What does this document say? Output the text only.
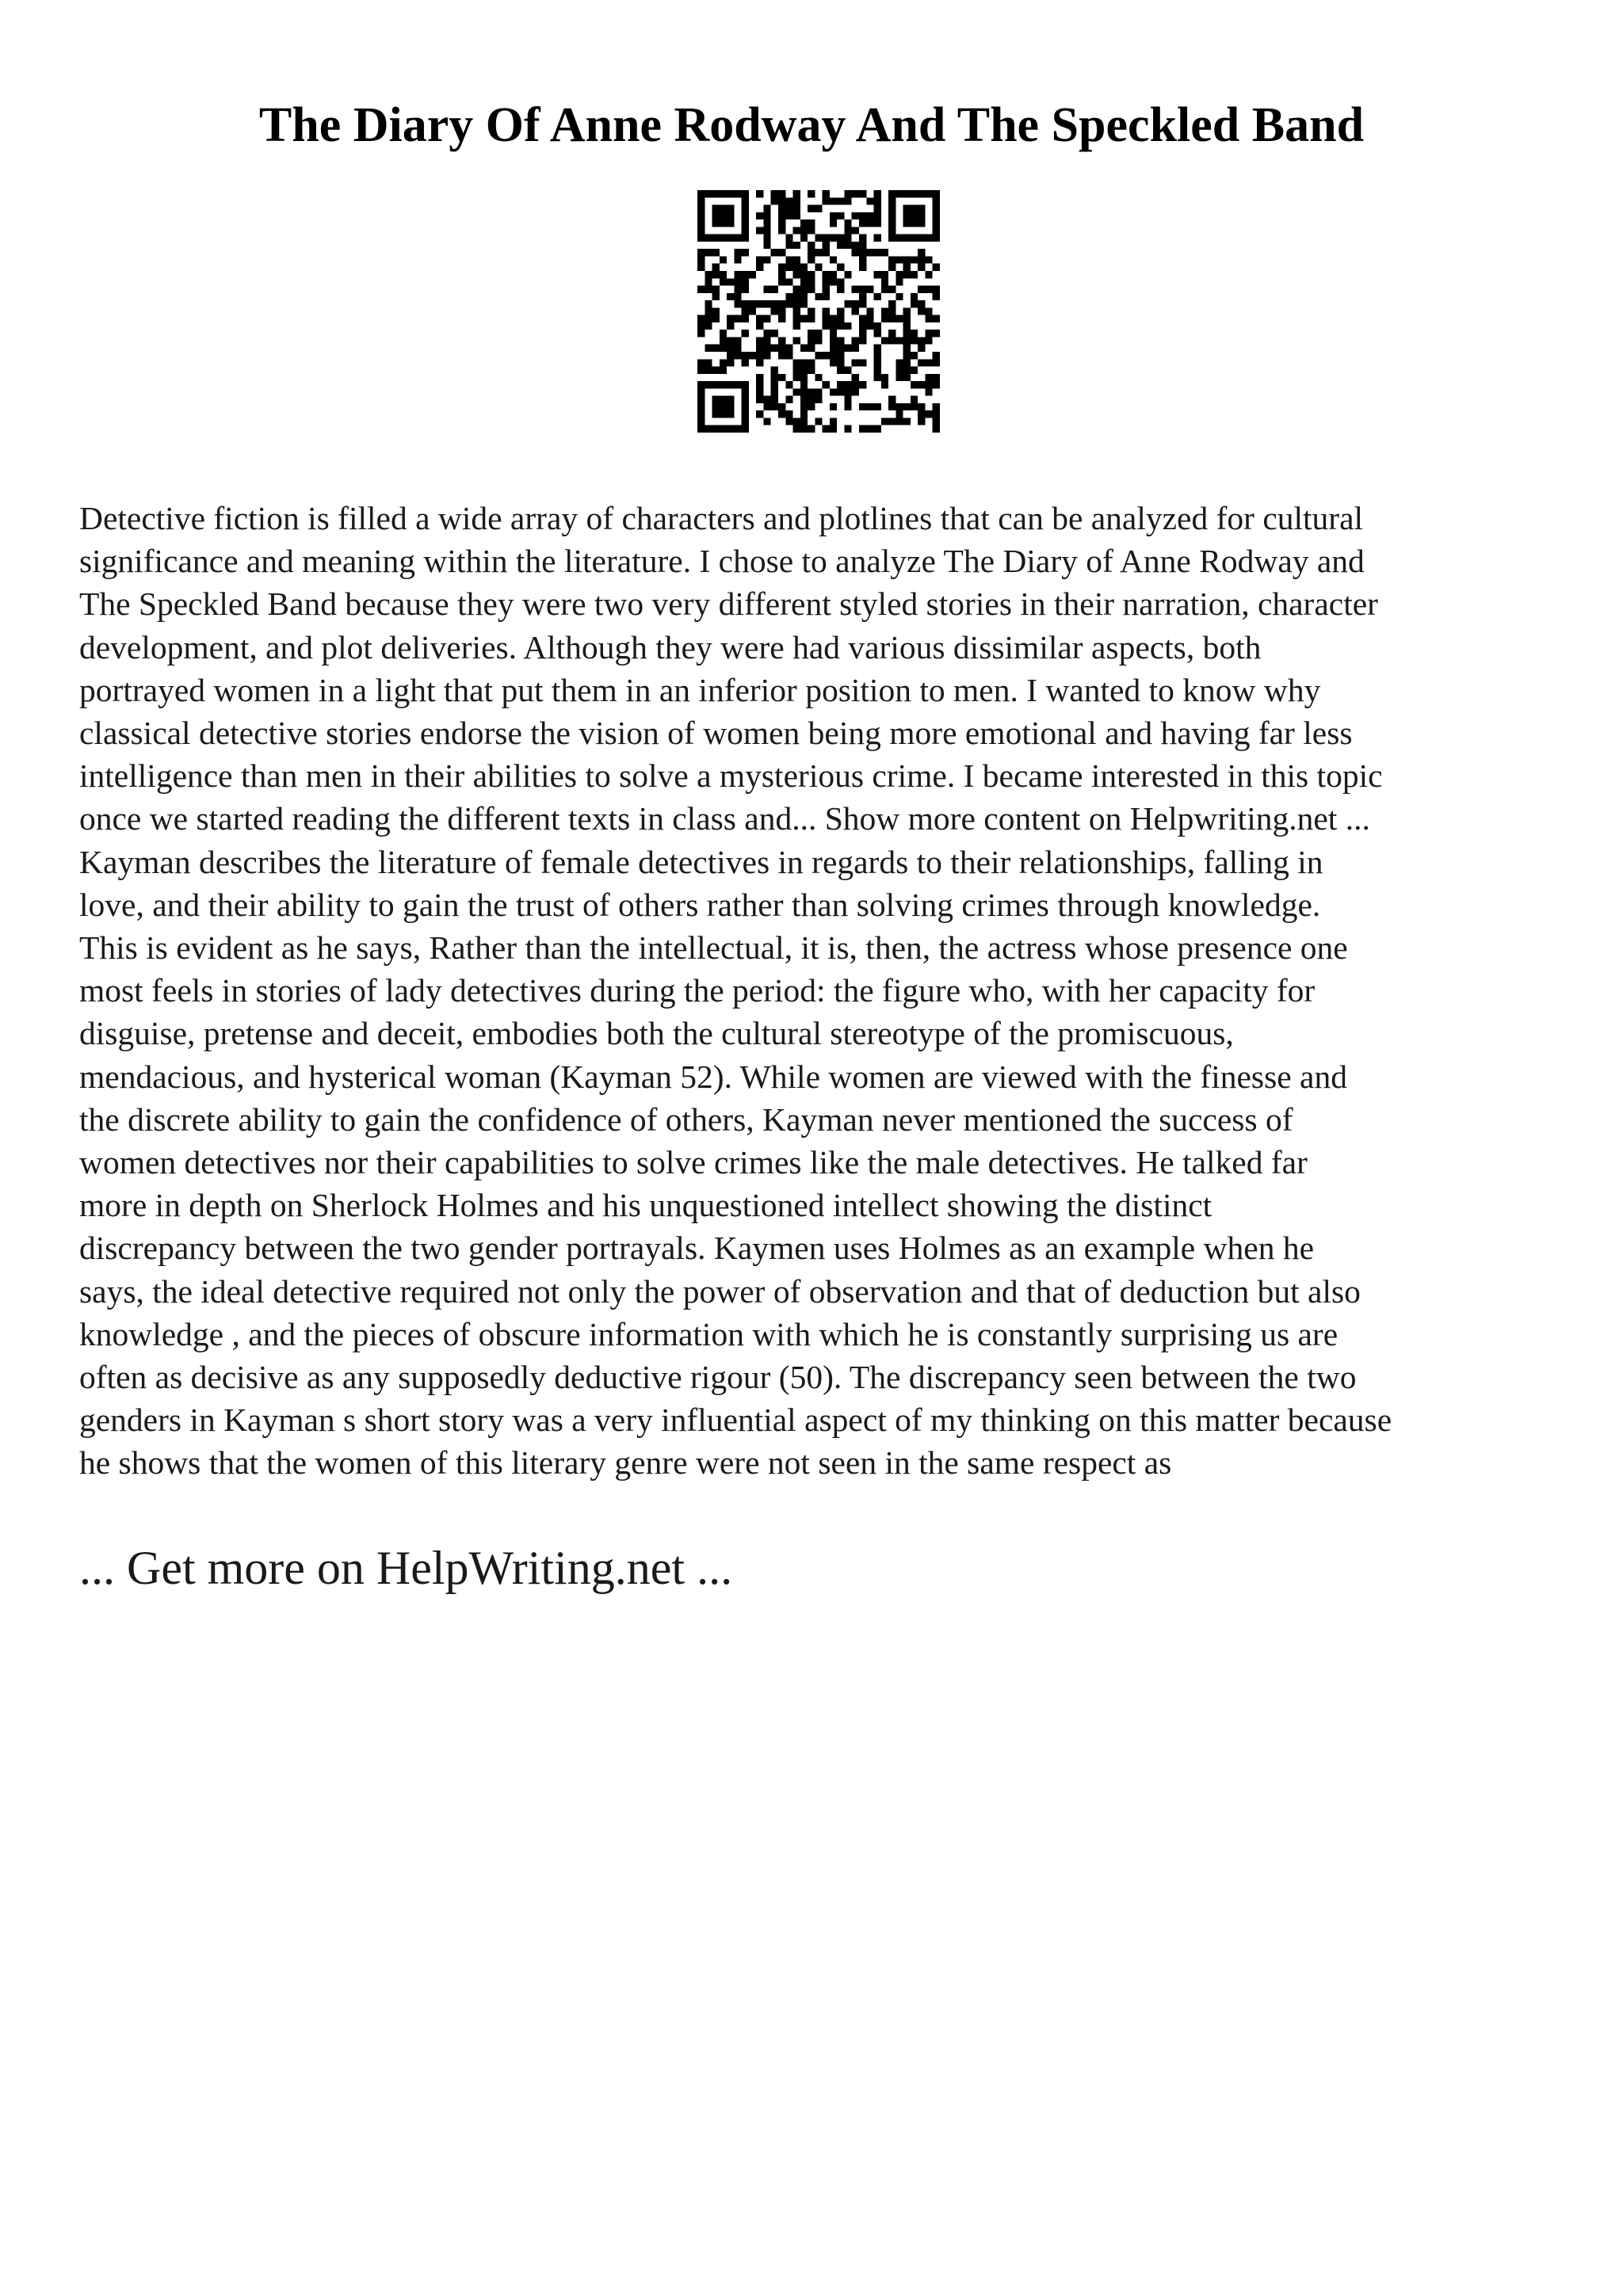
The Diary Of Anne Rodway And The Speckled Band

Detective fiction is filled a wide array of characters and plotlines that can be analyzed for cultural
significance and meaning within the literature. I chose to analyze The Diary of Anne Rodway and
The Speckled Band because they were two very different styled stories in their narration, character
development, and plot deliveries. Although they were had various dissimilar aspects, both
portrayed women in a light that put them in an inferior position to men. I wanted to know why
classical detective stories endorse the vision of women being more emotional and having far less
intelligence than men in their abilities to solve a mysterious crime. I became interested in this topic
once we started reading the different texts in class and... Show more content on Helpwriting.net ...
Kayman describes the literature of female detectives in regards to their relationships, falling in
love, and their ability to gain the trust of others rather than solving crimes through knowledge.
This is evident as he says, Rather than the intellectual, it is, then, the actress whose presence one
most feels in stories of lady detectives during the period: the figure who, with her capacity for
disguise, pretense and deceit, embodies both the cultural stereotype of the promiscuous,
mendacious, and hysterical woman (Kayman 52). While women are viewed with the finesse and
the discrete ability to gain the confidence of others, Kayman never mentioned the success of
women detectives nor their capabilities to solve crimes like the male detectives. He talked far
more in depth on Sherlock Holmes and his unquestioned intellect showing the distinct
discrepancy between the two gender portrayals. Kaymen uses Holmes as an example when he
says, the ideal detective required not only the power of observation and that of deduction but also
knowledge , and the pieces of obscure information with which he is constantly surprising us are
often as decisive as any supposedly deductive rigour (50). The discrepancy seen between the two
genders in Kayman s short story was a very influential aspect of my thinking on this matter because
he shows that the women of this literary genre were not seen in the same respect as

... Get more on HelpWriting.net ...
